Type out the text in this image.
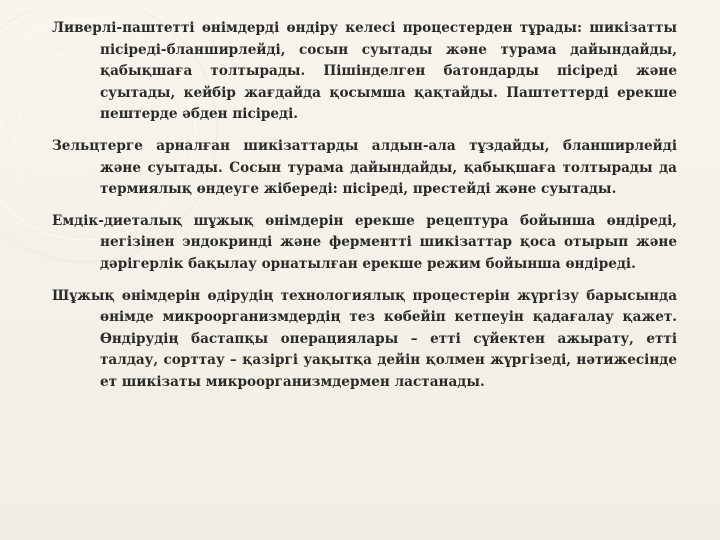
Ливерлі-паштетті өнімдерді өндіру келесі процестерден тұрады: шикізатты пісіреді-бланширлейді, сосын суытады және турама дайындайды, қабықшаға толтырады. Пішінделген батондарды пісіреді және суытады, кейбір жағдайда қосымша қақтайды. Паштеттерді ерекше пештерде әбден пісіреді.

Зельцтерге арналған шикізаттарды алдын-ала тұздайды, бланширлейді және суытады. Сосын турама дайындайды, қабықшаға толтырады да термиялық өндеуге жібереді: пісіреді, престейді және суытады.

Емдік-диеталық шұжық өнімдерін ерекше рецептура бойынша өндіреді, негізінен эндокринді және ферментті шикізаттар қоса отырып және дәрігерлік бақылау орнатылған ерекше режим бойынша өндіреді.

Шұжық өнімдерін өдірудің технологиялық процестерін жүргізу барысында өнімде микроорганизмдердің тез көбейіп кетпеуін қадағалау қажет. Өндірудің бастапқы операциялары – етті сүйектен ажырату, етті талдау, сорттау – қазіргі уақытқа дейін қолмен жүргізеді, нәтижесінде ет шикізаты микроорганизмдермен ластанады.
